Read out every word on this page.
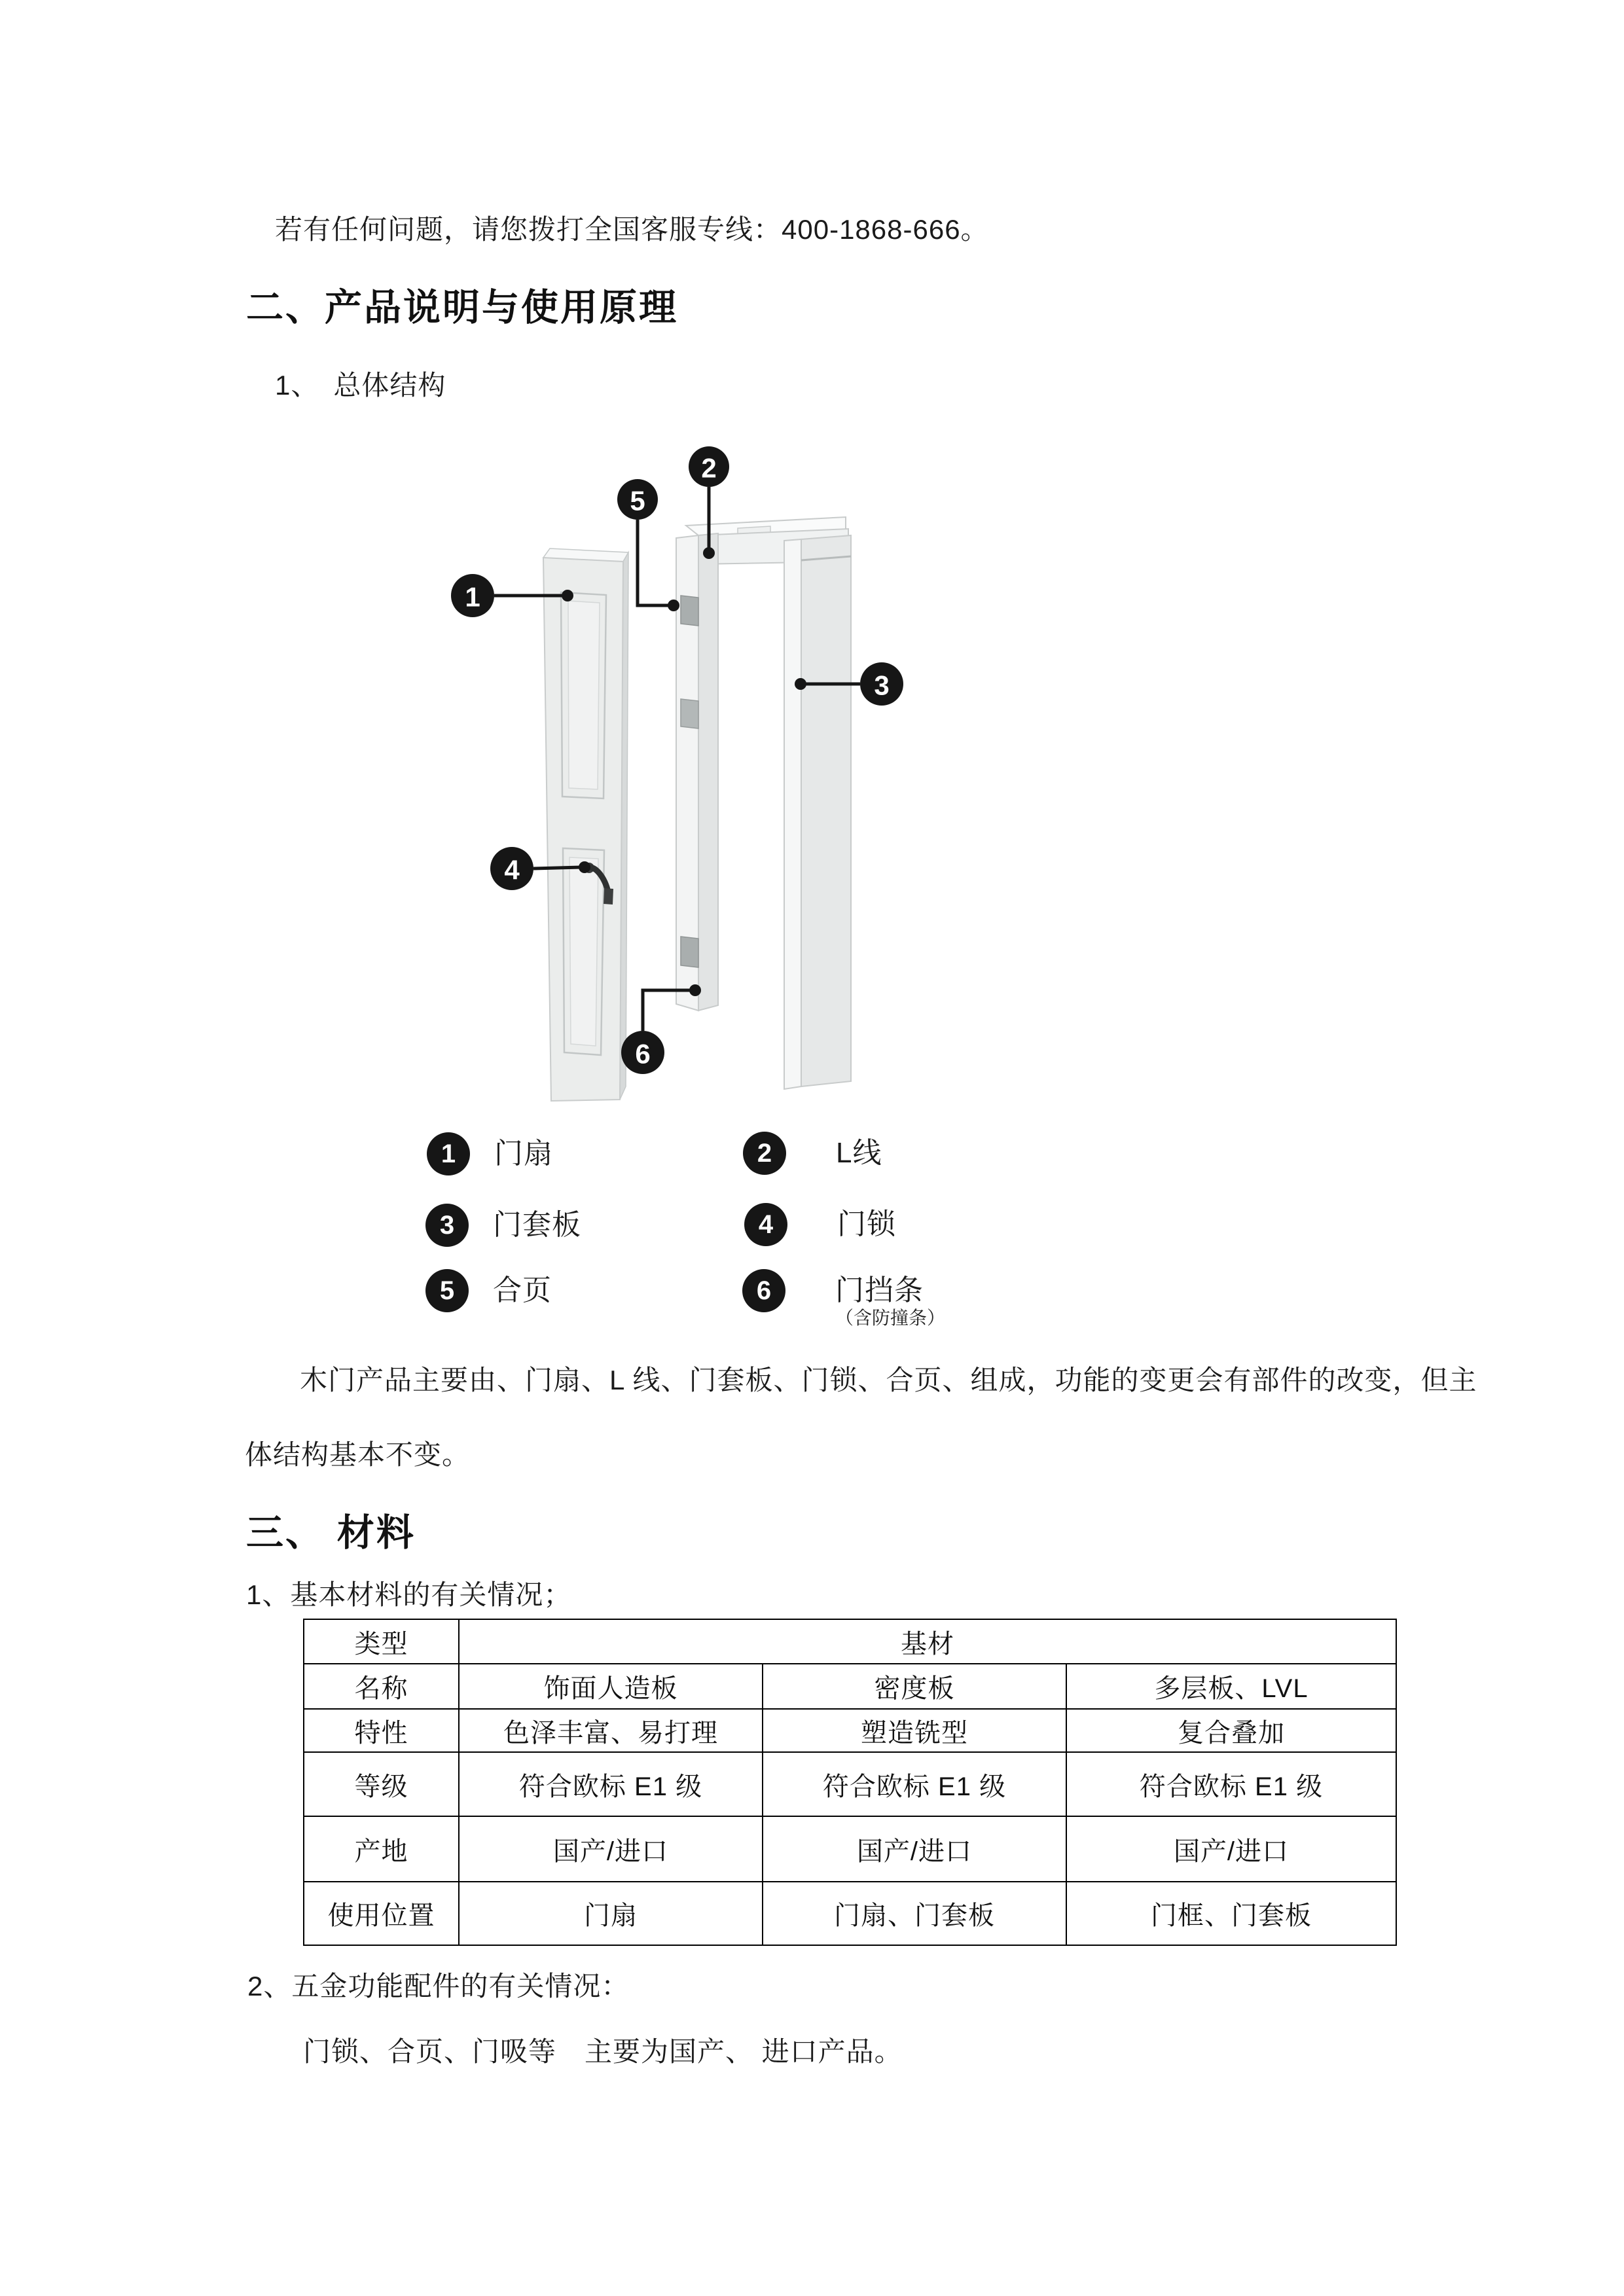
若有任何问题，请您拨打全国客服专线：400-1868-666。
二、产品说明与使用原理
1、　总体结构
1
2
5
3
4
6
1	门扇	2	L线
3	门套板	4	门锁
5	合页	6	门挡条
（含防撞条）
木门产品主要由、门扇、L 线、门套板、门锁、合页、组成，功能的变更会有部件的改变，但主
体结构基本不变。
三、 材料
1、基本材料的有关情况；
类型	基材		
名称	饰面人造板	密度板	多层板、LVL
特性	色泽丰富、易打理	塑造铣型	复合叠加
等级	符合欧标 E1 级	符合欧标 E1 级	符合欧标 E1 级
产地	国产/进口	国产/进口	国产/进口
使用位置	门扇	门扇、门套板	门框、门套板
2、五金功能配件的有关情况：
门锁、合页、门吸等　主要为国产、 进口产品。
